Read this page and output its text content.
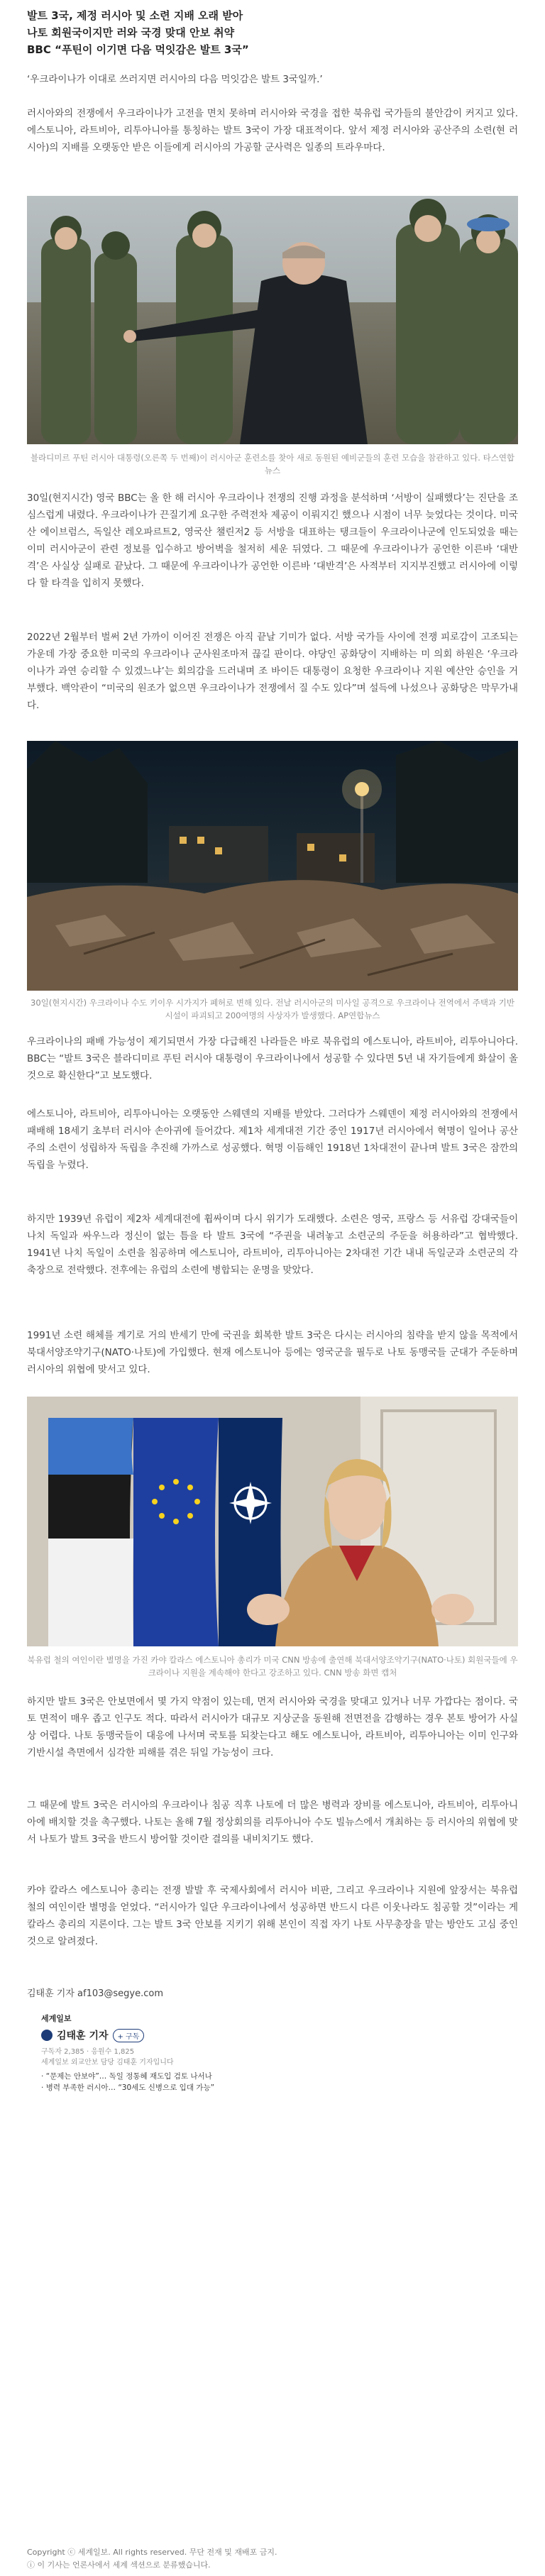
발트 3국, 제정 러시아 및 소련 지배 오래 받아
나토 회원국이지만 러와 국경 맞대 안보 취약
BBC “푸틴이 이기면 다음 먹잇감은 발트 3국”

‘우크라이나가 이대로 쓰러지면 러시아의 다음 먹잇감은 발트 3국일까.’

러시아와의 전쟁에서 우크라이나가 고전을 면치 못하며 러시아와 국경을 접한 북유럽 국가들의 불안감이 커지고 있다. 에스토니아, 라트비아, 리투아니아를 통칭하는 발트 3국이 가장 대표적이다. 앞서 제정 러시아와 공산주의 소련(현 러시아)의 지배를 오랫동안 받은 이들에게 러시아의 가공할 군사력은 일종의 트라우마다.

블라디미르 푸틴 러시아 대통령(오른쪽 두 번째)이 러시아군 훈련소를 찾아 새로 동원된 예비군들의 훈련 모습을 참관하고 있다. 타스연합뉴스

30일(현지시간) 영국 BBC는 올 한 해 러시아 우크라이나 전쟁의 진행 과정을 분석하며 ‘서방이 실패했다’는 진단을 조심스럽게 내렸다. 우크라이나가 끈질기게 요구한 주력전차 제공이 이뤄지긴 했으나 시점이 너무 늦었다는 것이다. 미국산 에이브럼스, 독일산 레오파르트2, 영국산 챌린저2 등 서방을 대표하는 탱크들이 우크라이나군에 인도되었을 때는 이미 러시아군이 관련 정보를 입수하고 방어벽을 철저히 세운 뒤였다. 그 때문에 우크라이나가 공언한 이른바 ‘대반격’은 사실상 실패로 끝났다. 그 때문에 우크라이나가 공언한 이른바 ‘대반격’은 사적부터 지지부진했고 러시아에 이렇다 할 타격을 입히지 못했다.

2022년 2월부터 벌써 2년 가까이 이어진 전쟁은 아직 끝날 기미가 없다. 서방 국가들 사이에 전쟁 피로감이 고조되는 가운데 가장 중요한 미국의 우크라이나 군사원조마저 끊길 판이다. 야당인 공화당이 지배하는 미 의회 하원은 ‘우크라이나가 과연 승리할 수 있겠느냐’는 회의감을 드러내며 조 바이든 대통령이 요청한 우크라이나 지원 예산안 승인을 거부했다. 백악관이 “미국의 원조가 없으면 우크라이나가 전쟁에서 질 수도 있다”며 설득에 나섰으나 공화당은 막무가내다.

30일(현지시간) 우크라이나 수도 키이우 시가지가 폐허로 변해 있다. 전날 러시아군의 미사일 공격으로 우크라이나 전역에서 주택과 기반시설이 파괴되고 200여명의 사상자가 발생했다. AP연합뉴스

우크라이나의 패배 가능성이 제기되면서 가장 다급해진 나라들은 바로 북유럽의 에스토니아, 라트비아, 리투아니아다. BBC는 “발트 3국은 블라디미르 푸틴 러시아 대통령이 우크라이나에서 성공할 수 있다면 5년 내 자기들에게 화살이 올 것으로 확신한다”고 보도했다.

에스토니아, 라트비아, 리투아니아는 오랫동안 스웨덴의 지배를 받았다. 그러다가 스웨덴이 제정 러시아와의 전쟁에서 패배해 18세기 초부터 러시아 손아귀에 들어갔다. 제1차 세계대전 기간 중인 1917년 러시아에서 혁명이 일어나 공산주의 소련이 성립하자 독립을 추진해 가까스로 성공했다. 혁명 이듬해인 1918년 1차대전이 끝나며 발트 3국은 잠깐의 독립을 누렸다.

하지만 1939년 유럽이 제2차 세계대전에 휩싸이며 다시 위기가 도래했다. 소련은 영국, 프랑스 등 서유럽 강대국들이 나치 독일과 싸우느라 정신이 없는 틈을 타 발트 3국에 “주권을 내려놓고 소련군의 주둔을 허용하라”고 협박했다. 1941년 나치 독일이 소련을 침공하며 에스토니아, 라트비아, 리투아니아는 2차대전 기간 내내 독일군과 소련군의 각축장으로 전락했다. 전후에는 유럽의 소련에 병합되는 운명을 맞았다.

1991년 소련 해체를 계기로 거의 반세기 만에 국권을 회복한 발트 3국은 다시는 러시아의 침략을 받지 않을 목적에서 북대서양조약기구(NATO·나토)에 가입했다. 현재 에스토니아 등에는 영국군을 필두로 나토 동맹국들 군대가 주둔하며 러시아의 위협에 맞서고 있다.

북유럽 철의 여인이란 별명을 가진 카야 칼라스 에스토니아 총리가 미국 CNN 방송에 출연해 북대서양조약기구(NATO·나토) 회원국들에 우크라이나 지원을 계속해야 한다고 강조하고 있다. CNN 방송 화면 캡처

하지만 발트 3국은 안보면에서 몇 가지 약점이 있는데, 먼저 러시아와 국경을 맞대고 있거나 너무 가깝다는 점이다. 국토 면적이 매우 좁고 인구도 적다. 따라서 러시아가 대규모 지상군을 동원해 전면전을 감행하는 경우 본토 방어가 사실상 어렵다. 나토 동맹국들이 대응에 나서며 국토를 되찾는다고 해도 에스토니아, 라트비아, 리투아니아는 이미 인구와 기반시설 측면에서 심각한 피해를 겪은 뒤일 가능성이 크다.

그 때문에 발트 3국은 러시아의 우크라이나 침공 직후 나토에 더 많은 병력과 장비를 에스토니아, 라트비아, 리투아니아에 배치할 것을 촉구했다. 나토는 올해 7월 정상회의를 리투아니아 수도 빌뉴스에서 개최하는 등 러시아의 위협에 맞서 나토가 발트 3국을 반드시 방어할 것이란 결의를 내비치기도 했다.

카야 칼라스 에스토니아 총리는 전쟁 발발 후 국제사회에서 러시아 비판, 그리고 우크라이나 지원에 앞장서는 북유럽 철의 여인이란 별명을 얻었다. “러시아가 일단 우크라이나에서 성공하면 반드시 다른 이웃나라도 침공할 것”이라는 게 칼라스 총리의 지론이다. 그는 발트 3국 안보를 지키기 위해 본인이 직접 자기 나토 사무총장을 맡는 방안도 고심 중인 것으로 알려졌다.

김태훈 기자 af103@segye.com
세계일보
김태훈 기자	+ 구독
구독자 2,385 · 응원수 1,825
세계일보 외교안보 담당 김태훈 기자입니다
· “문제는 안보야”… 독일 정통혜 재도입 검토 나서나
· 병력 부족한 러시아… “30세도 신병으로 입대 가능”
Copyright ⓒ 세계일보. All rights reserved. 무단 전재 및 재배포 금지.
ⓘ 이 기사는 언론사에서 세계 섹션으로 분류했습니다.
